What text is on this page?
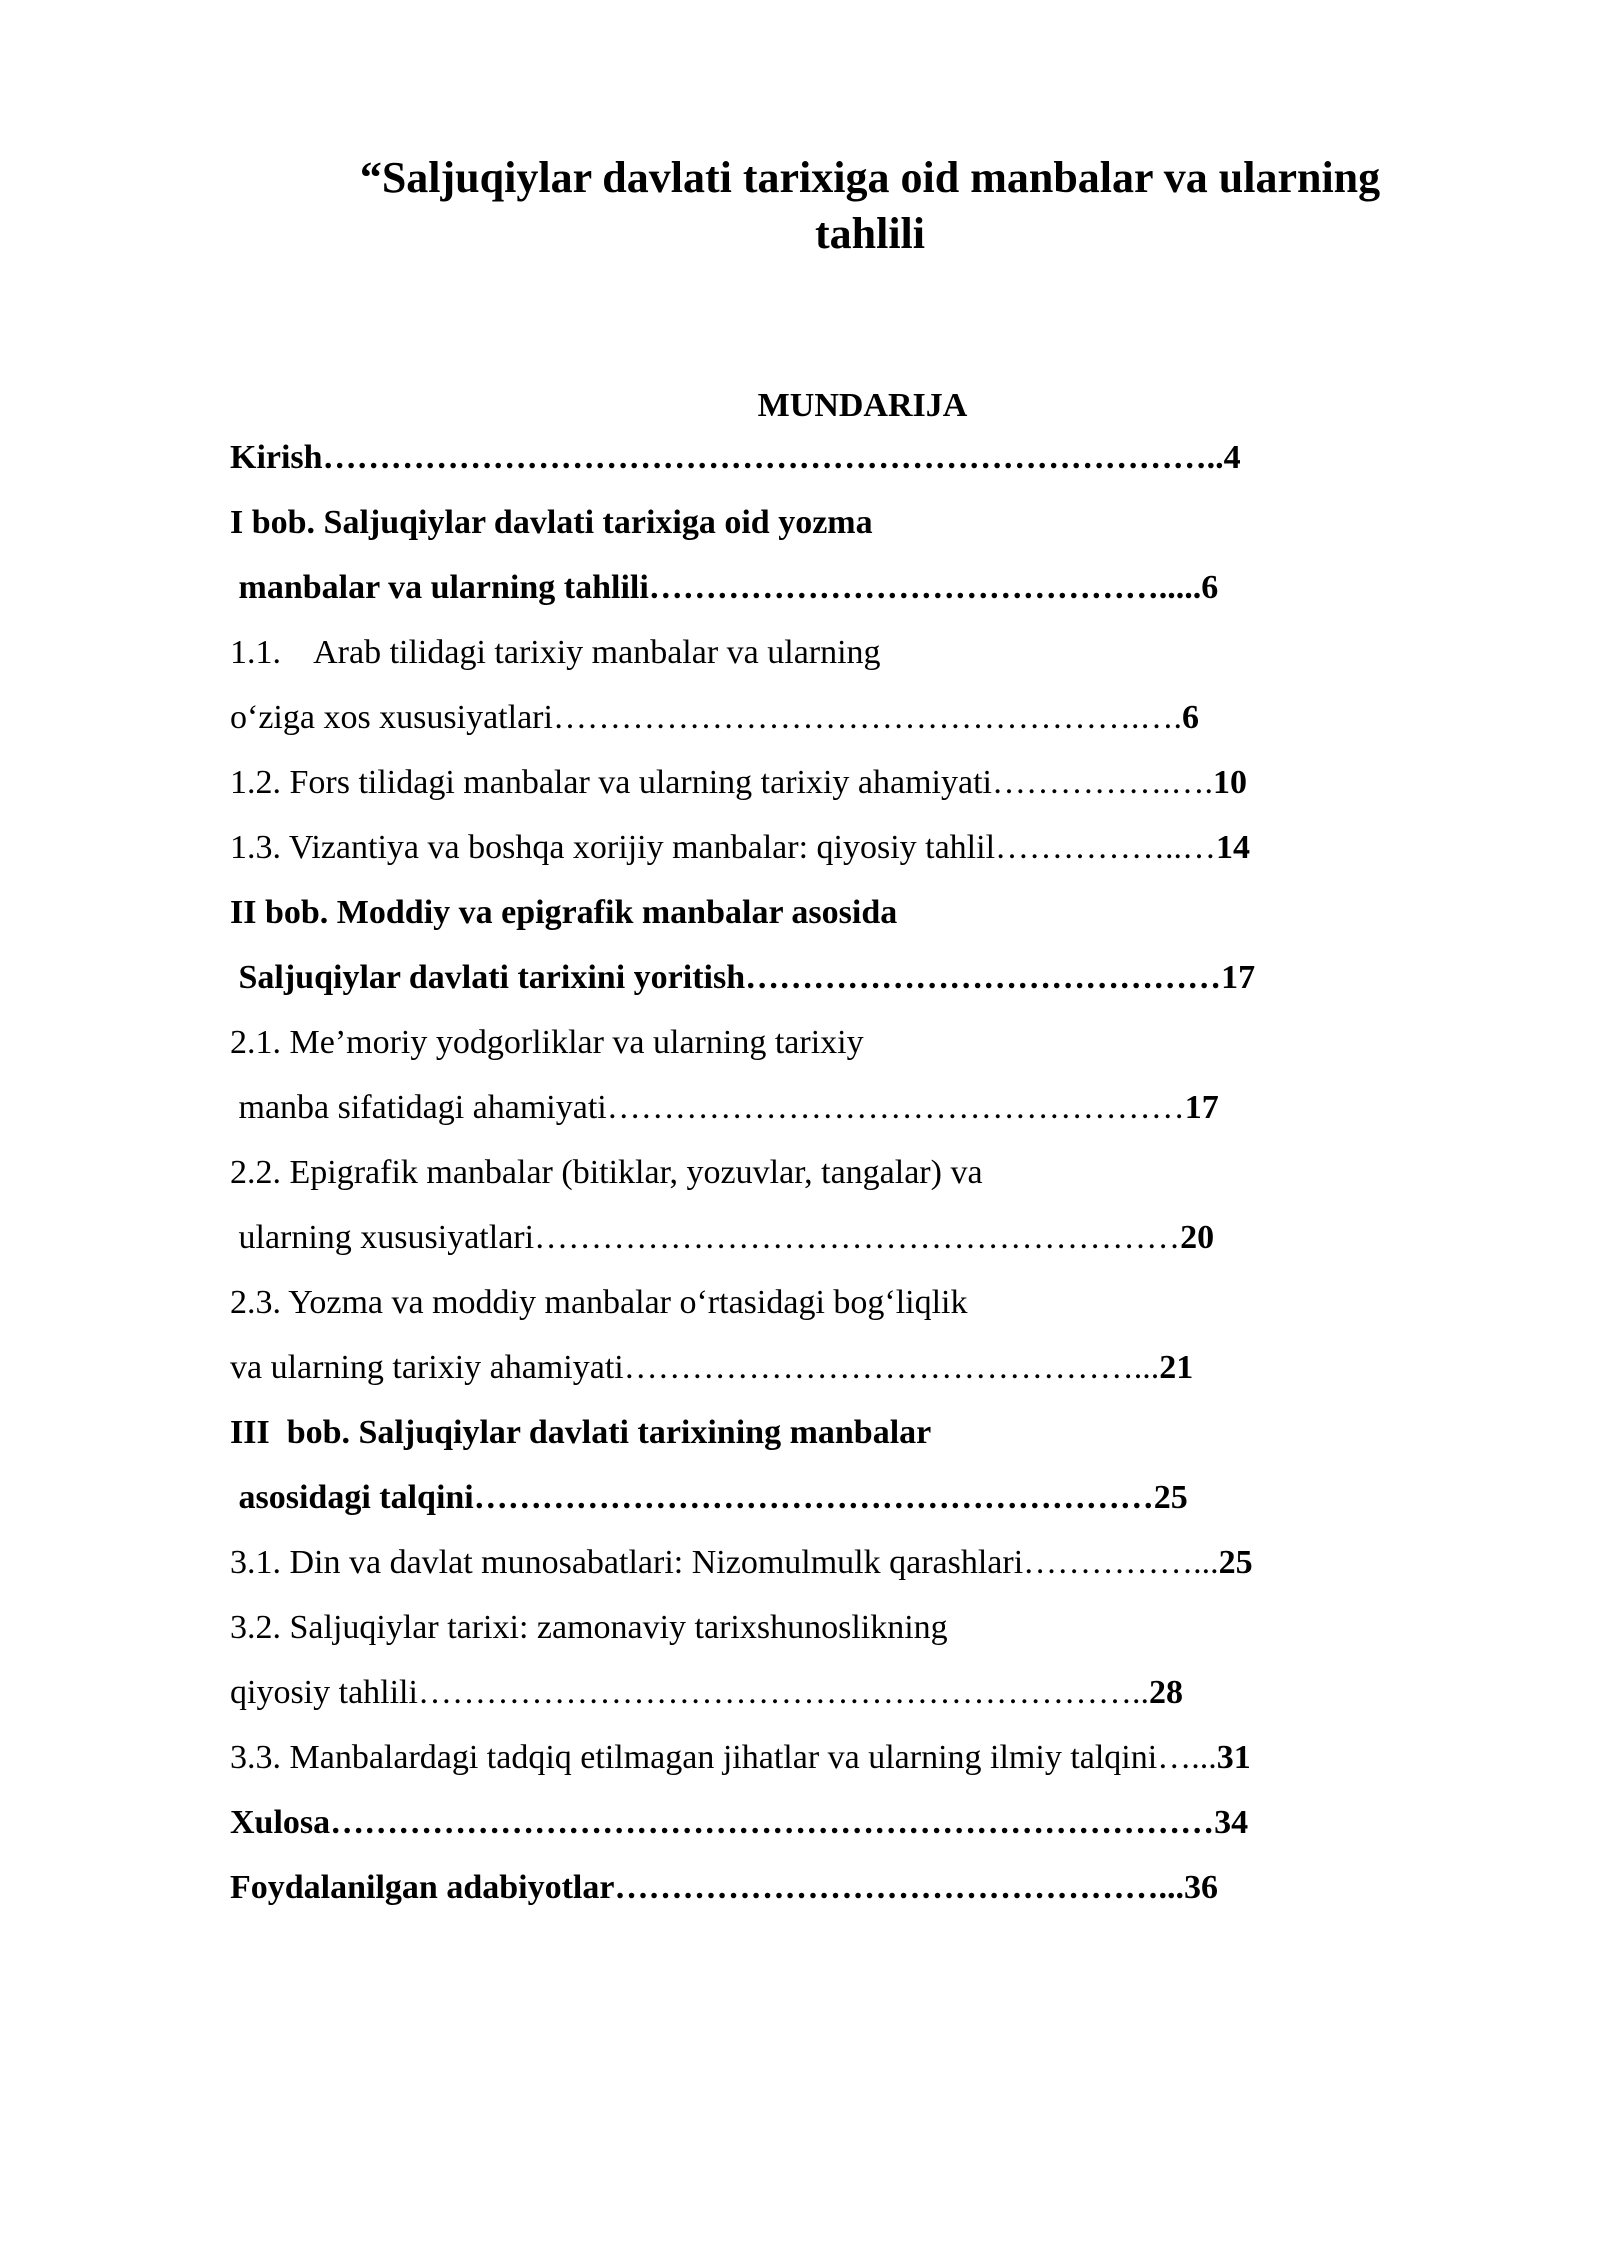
“Saljuqiylar davlati tarixiga oid manbalar va ularning tahlili
MUNDARIJA
Kirish……………………………………………………………………..4
I bob. Saljuqiylar davlati tarixiga oid yozma
manbalar va ularning tahlili……………………………………….....6
1.1.    Arab tilidagi tarixiy manbalar va ularning
o‘ziga xos xususiyatlari…………………………………………….….6
1.2. Fors tilidagi manbalar va ularning tarixiy ahamiyati…………….….10
1.3. Vizantiya va boshqa xorijiy manbalar: qiyosiy tahlil……………..…14
II bob. Moddiy va epigrafik manbalar asosida
Saljuqiylar davlati tarixini yoritish……………………………………17
2.1. Me’moriy yodgorliklar va ularning tarixiy
manba sifatidagi ahamiyati……………………………………………17
2.2. Epigrafik manbalar (bitiklar, yozuvlar, tangalar) va
ularning xususiyatlari…………………………………………………20
2.3. Yozma va moddiy manbalar o‘rtasidagi bog‘liqlik
va ularning tarixiy ahamiyati………………………………………...21
III  bob. Saljuqiylar davlati tarixining manbalar
asosidagi talqini……………………………………………………25
3.1. Din va davlat munosabatlari: Nizomulmulk qarashlari……………...25
3.2. Saljuqiylar tarixi: zamonaviy tarixshunoslikning
qiyosiy tahlili………………………………………………………..28
3.3. Manbalardagi tadqiq etilmagan jihatlar va ularning ilmiy talqini…...31
Xulosa……………………………………………………………………34
Foydalanilgan adabiyotlar…………………………………………...36
